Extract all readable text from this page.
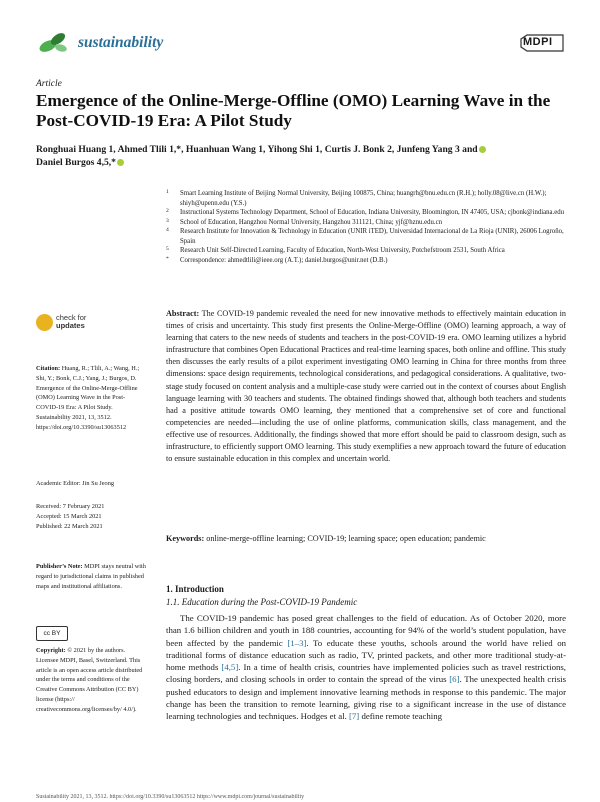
sustainability	MDPI
Article
Emergence of the Online-Merge-Offline (OMO) Learning Wave in the Post-COVID-19 Era: A Pilot Study
Ronghuai Huang 1, Ahmed Tlili 1,*, Huanhuan Wang 1, Yihong Shi 1, Curtis J. Bonk 2, Junfeng Yang 3 and
Daniel Burgos 4,5,*
1 Smart Learning Institute of Beijing Normal University, Beijing 100875, China; huangrh@bnu.edu.cn (R.H.); holly.08@live.cn (H.W.); shiyh@upenn.edu (Y.S.)
2 Instructional Systems Technology Department, School of Education, Indiana University, Bloomington, IN 47405, USA; cjbonk@indiana.edu
3 School of Education, Hangzhou Normal University, Hangzhou 311121, China; yjf@hznu.edu.cn
4 Research Institute for Innovation & Technology in Education (UNIR iTED), Universidad Internacional de La Rioja (UNIR), 26006 Logroño, Spain
5 Research Unit Self-Directed Learning, Faculty of Education, North-West University, Potchefstroom 2531, South Africa
* Correspondence: ahmedtlili@ieee.org (A.T.); daniel.burgos@unir.net (D.B.)
Abstract: The COVID-19 pandemic revealed the need for new innovative methods to effectively maintain education in times of crisis and uncertainty. This study first presents the Online-Merge-Offline (OMO) learning approach, a way of learning that caters to the new needs of students and teachers in the post-COVID-19 era. OMO learning utilizes a hybrid infrastructure that combines Open Educational Practices and real-time learning spaces, both online and offline. This study then discusses the early results of a pilot experiment investigating OMO learning in China for three months from three dimensions: space design requirements, technological considerations, and pedagogical considerations. A qualitative, two-stage study focused on content analysis and a multiple-case study were carried out in the context of courses about English language learning with 30 teachers and students. The obtained findings showed that, although both teachers and students had a positive attitude towards OMO learning, they mentioned that a comprehensive set of core and functional competencies are needed—including the use of online platforms, communication skills, class management, and the effective use of resources. Additionally, the findings showed that more effort should be paid to classroom design, such as infrastructure, to efficiently support OMO learning. This study exemplifies a new approach toward the future of education to ensure sustainable education in this complex and uncertain world.
Keywords: online-merge-offline learning; COVID-19; learning space; open education; pandemic
check for
updates
Citation: Huang, R.; Tlili, A.; Wang, H.; Shi, Y.; Bonk, C.J.; Yang, J.; Burgos, D. Emergence of the Online-Merge-Offline (OMO) Learning Wave in the Post-COVID-19 Era: A Pilot Study. Sustainability 2021, 13, 3512. https://doi.org/10.3390/su13063512
Academic Editor: Jin Su Jeong
Received: 7 February 2021
Accepted: 15 March 2021
Published: 22 March 2021
Publisher’s Note: MDPI stays neutral with regard to jurisdictional claims in published maps and institutional affiliations.
cc BY
Copyright: © 2021 by the authors. Licensee MDPI, Basel, Switzerland. This article is an open access article distributed under the terms and conditions of the Creative Commons Attribution (CC BY) license (https:// creativecommons.org/licenses/by/ 4.0/).
1. Introduction
1.1. Education during the Post-COVID-19 Pandemic
The COVID-19 pandemic has posed great challenges to the field of education. As of October 2020, more than 1.6 billion children and youth in 188 countries, accounting for 94% of the world’s student population, have been affected by the pandemic [1–3]. To educate these youths, schools around the world have relied on traditional forms of distance education such as radio, TV, printed packets, and other more traditional study-at-home methods [4,5]. In a time of health crisis, countries have implemented policies such as travel restrictions, closing borders, and closing schools in order to contain the spread of the virus [6]. The unexpected health crisis pushed educators to design and implement innovative learning methods in response to this pandemic. The major change has been the transition to remote learning, giving rise to a significant increase in the use of distance learning technologies and techniques. Hodges et al. [7] define remote teaching
Sustainability 2021, 13, 3512. https://doi.org/10.3390/su13063512 https://www.mdpi.com/journal/sustainability
